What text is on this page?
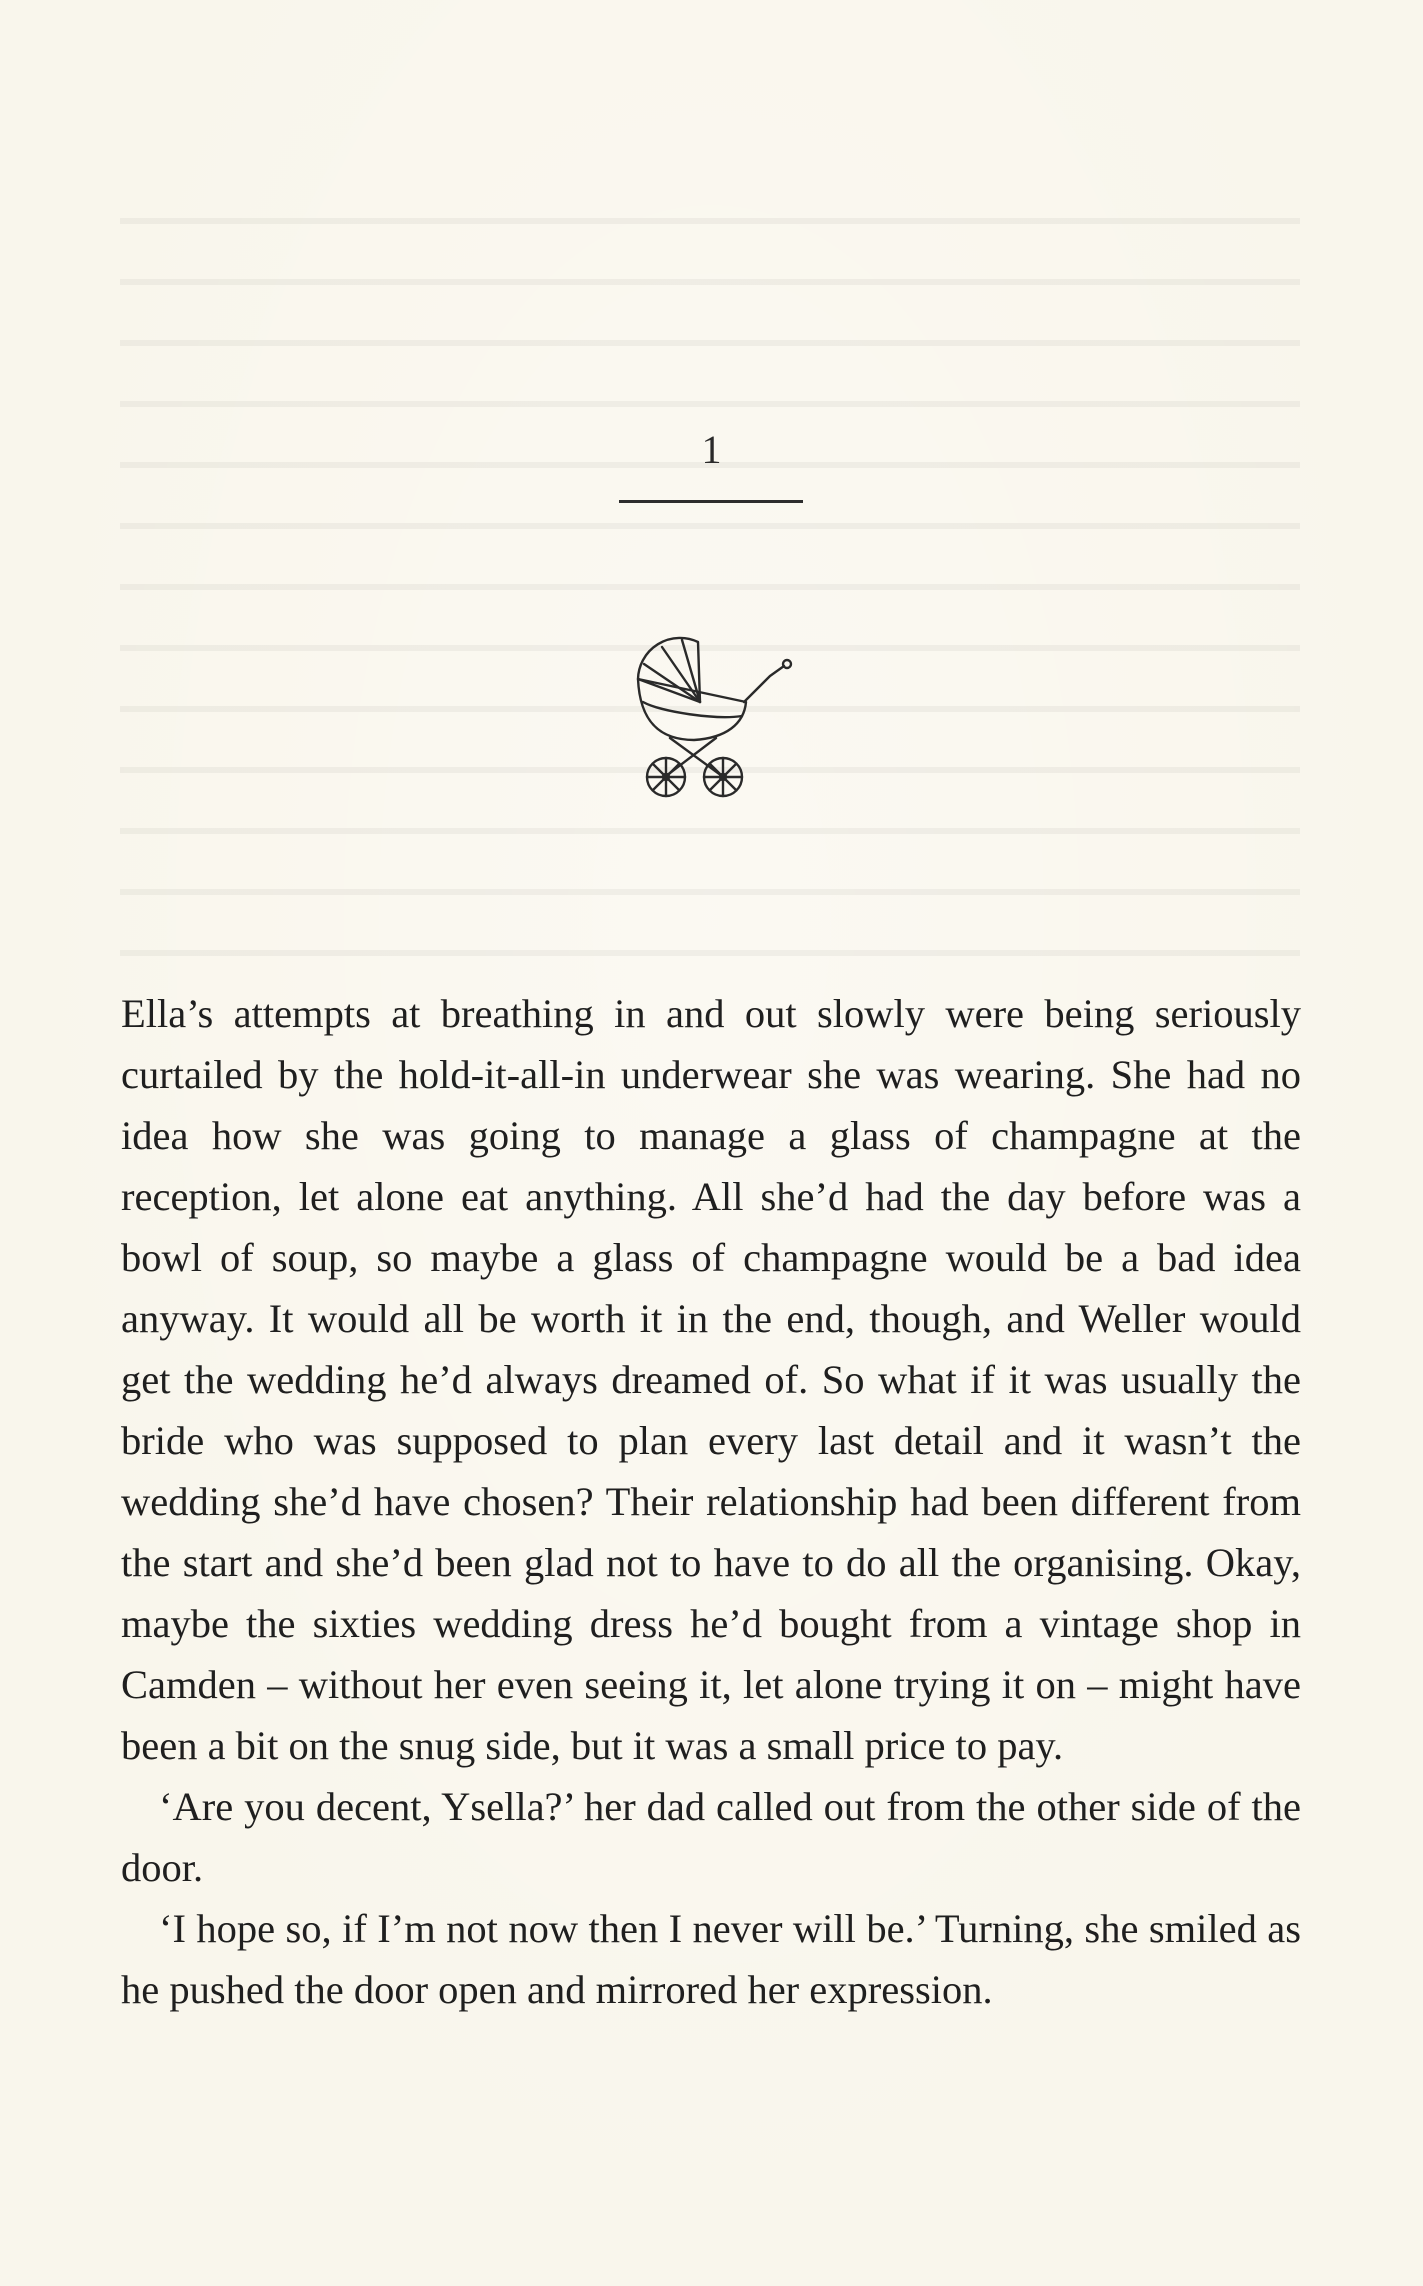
1

Ella’s attempts at breathing in and out slowly were being seriously curtailed by the hold-it-all-in underwear she was wearing. She had no idea how she was going to manage a glass of champagne at the reception, let alone eat anything. All she’d had the day before was a bowl of soup, so maybe a glass of champagne would be a bad idea anyway. It would all be worth it in the end, though, and Weller would get the wedding he’d always dreamed of. So what if it was usually the bride who was supposed to plan every last detail and it wasn’t the wedding she’d have chosen? Their relationship had been different from the start and she’d been glad not to have to do all the organising. Okay, maybe the sixties wedding dress he’d bought from a vintage shop in Camden – without her even seeing it, let alone trying it on – might have been a bit on the snug side, but it was a small price to pay.

‘Are you decent, Ysella?’ her dad called out from the other side of the door.

‘I hope so, if I’m not now then I never will be.’ Turning, she smiled as he pushed the door open and mirrored her expression.
